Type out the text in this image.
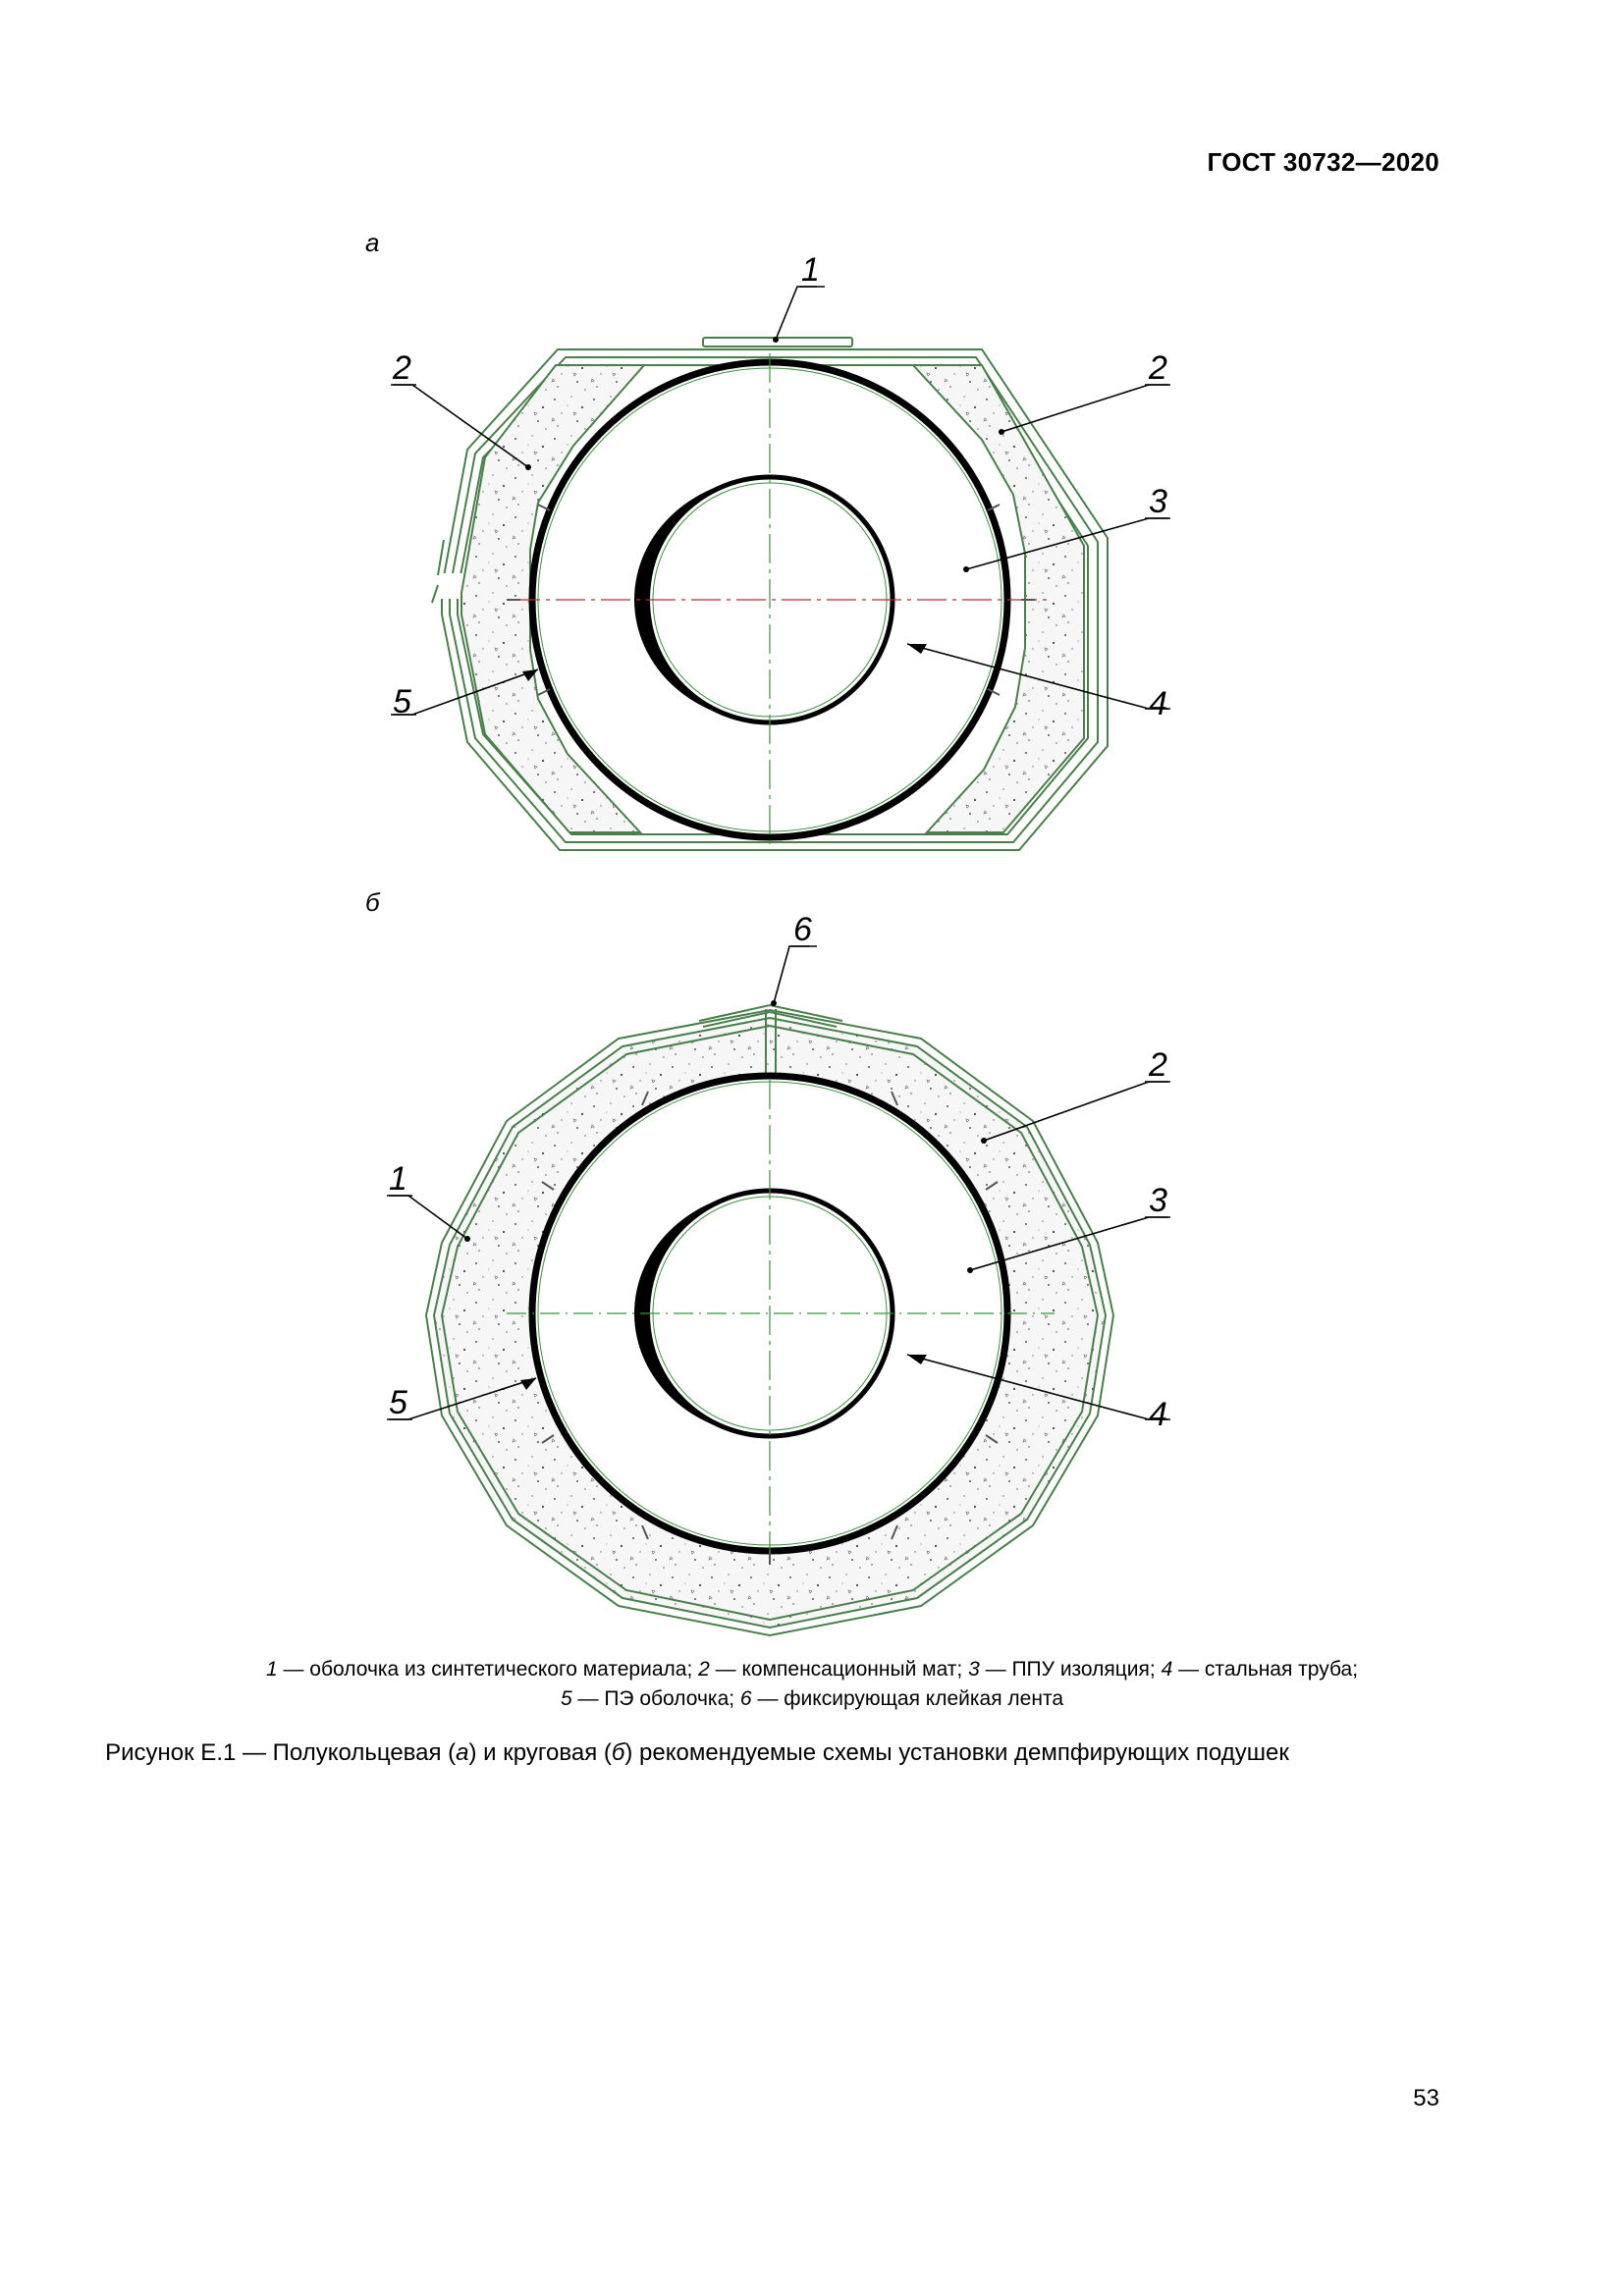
ГОСТ 30732—2020
а
б
1
2	2
3
4
5
6
2
1
3
4
5
1 — оболочка из синтетического материала; 2 — компенсационный мат; 3 — ППУ изоляция; 4 — стальная труба;
5 — ПЭ оболочка; 6 — фиксирующая клейкая лента
Рисунок Е.1 — Полукольцевая (а) и круговая (б) рекомендуемые схемы установки демпфирующих подушек
53
